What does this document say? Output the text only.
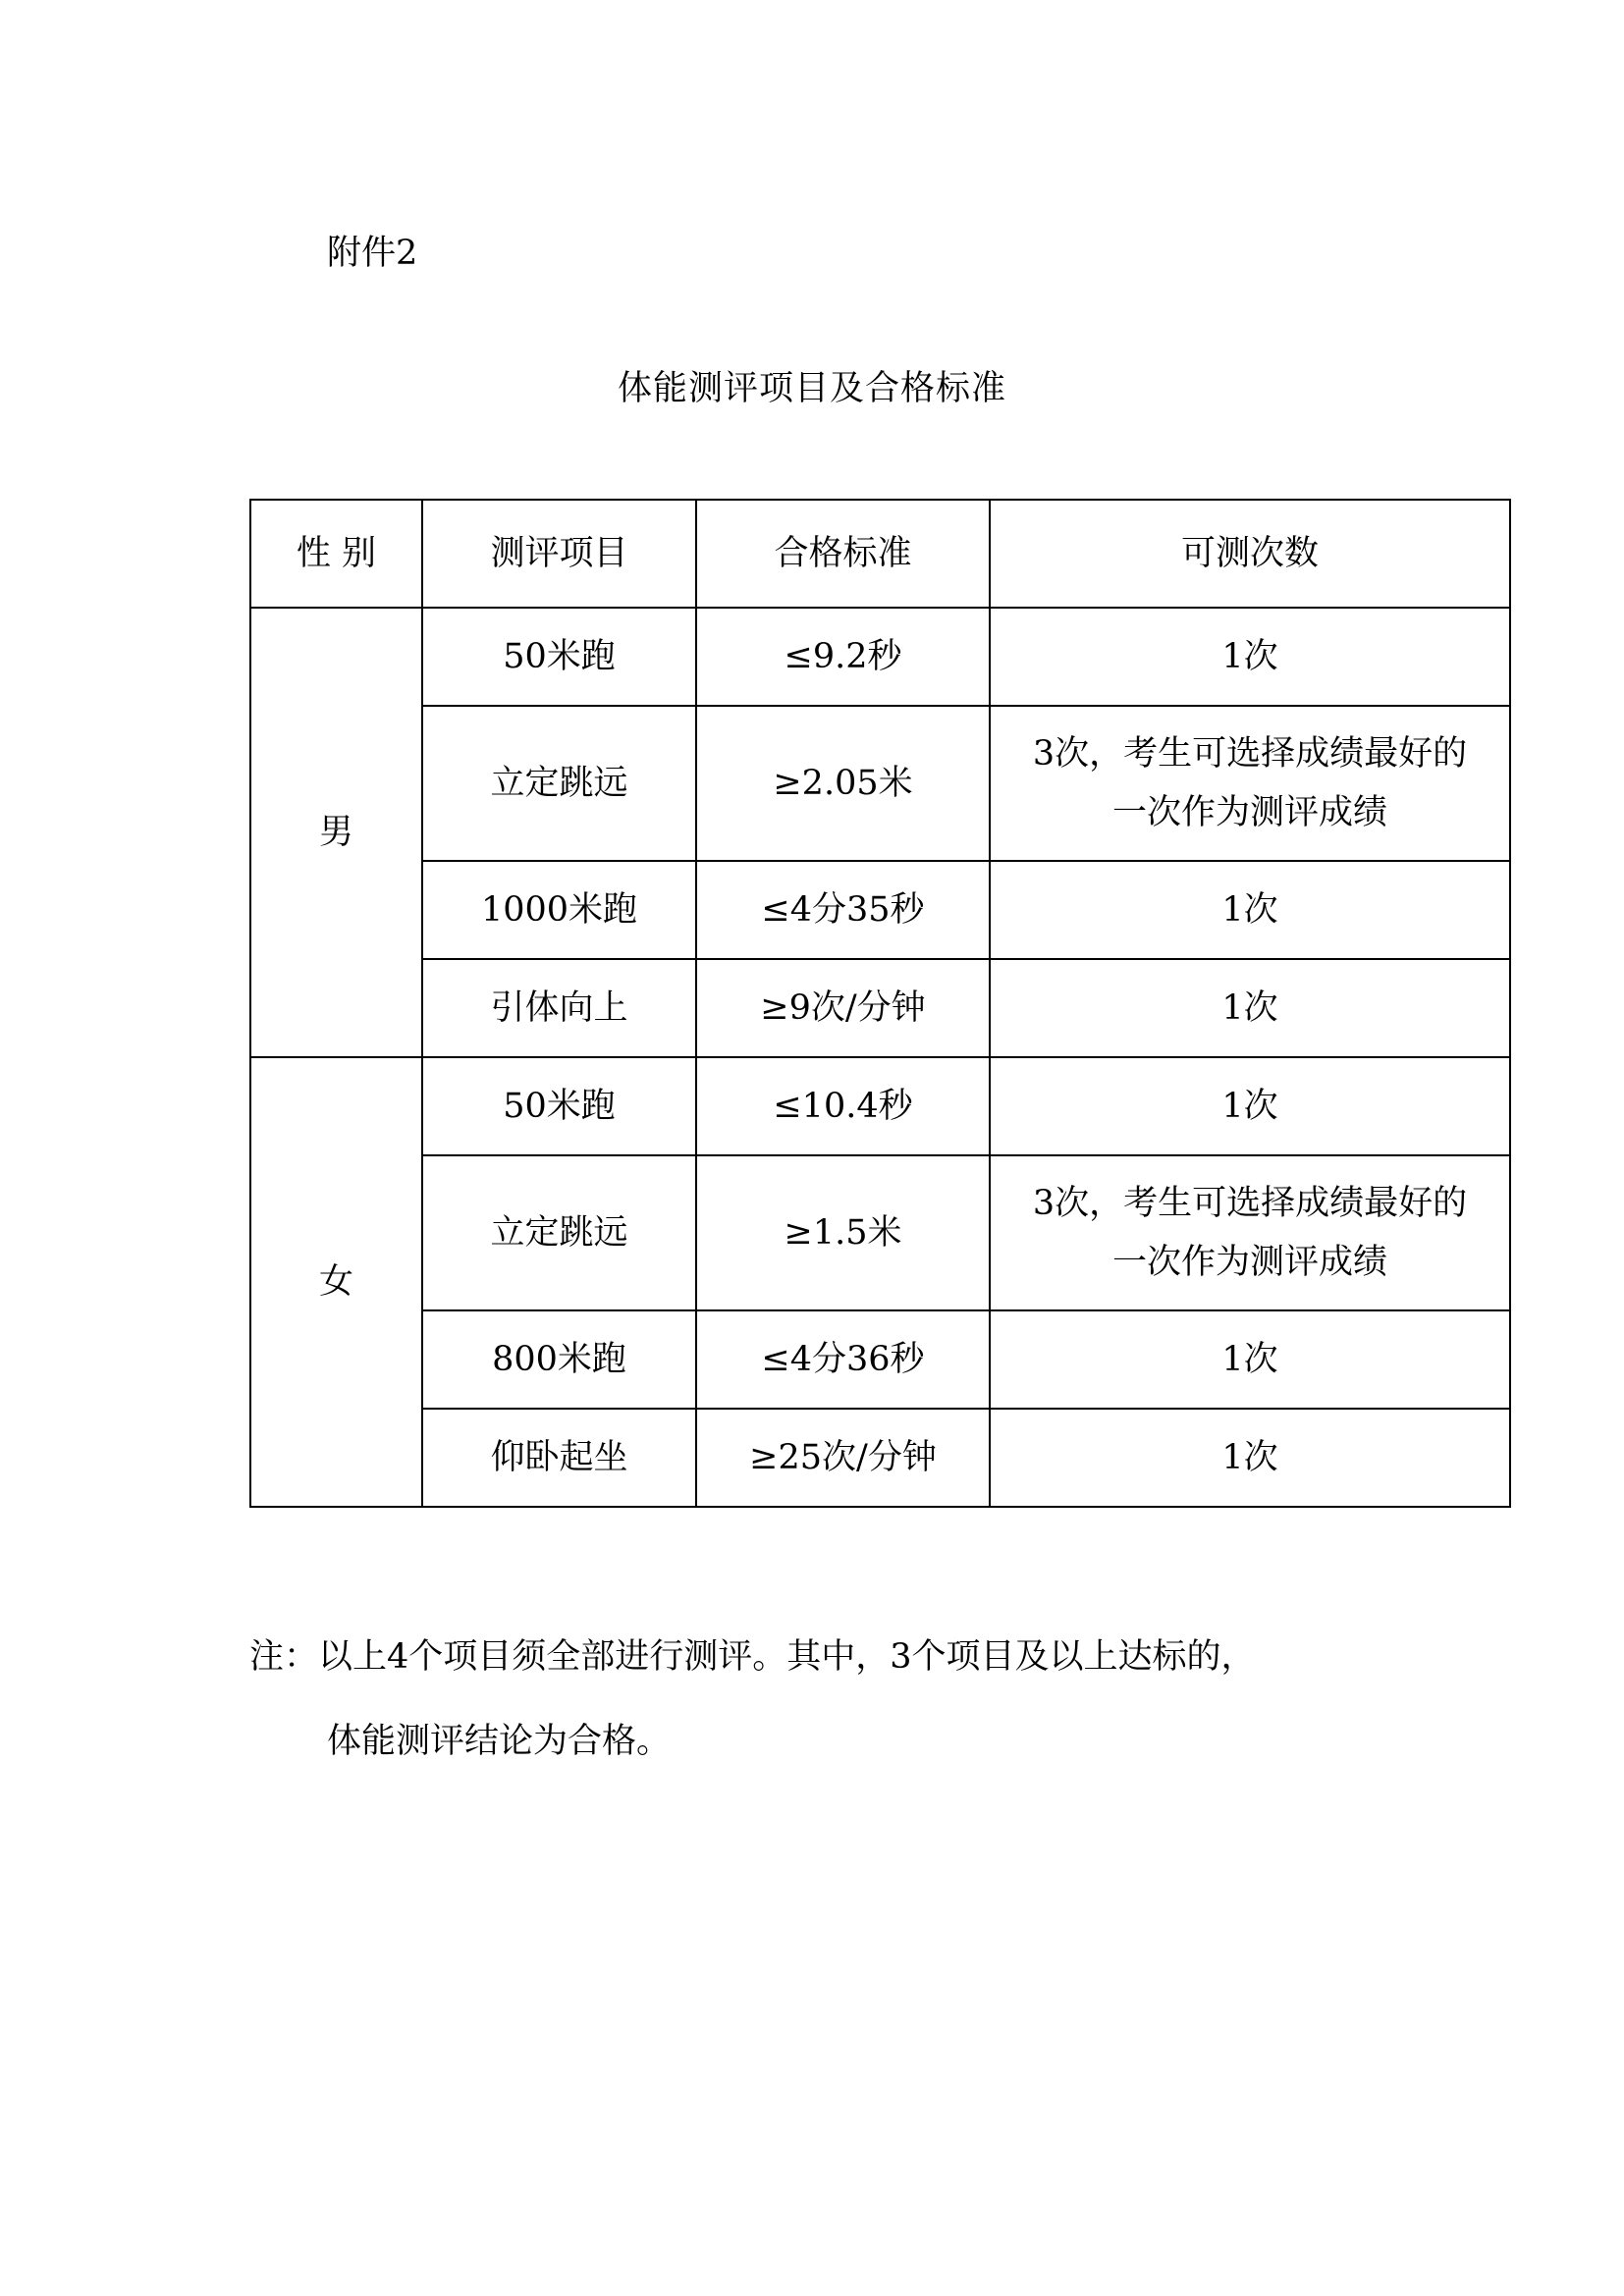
附件2
体能测评项目及合格标准
性 别	测评项目	合格标准	可测次数
男	50米跑	≤9.2秒	1次
	立定跳远	≥2.05米	3次，考生可选择成绩最好的一次作为测评成绩
	1000米跑	≤4分35秒	1次
	引体向上	≥9次/分钟	1次
女	50米跑	≤10.4秒	1次
	立定跳远	≥1.5米	3次，考生可选择成绩最好的一次作为测评成绩
	800米跑	≤4分36秒	1次
	仰卧起坐	≥25次/分钟	1次
注：以上4个项目须全部进行测评。其中，3个项目及以上达标的，
体能测评结论为合格。
